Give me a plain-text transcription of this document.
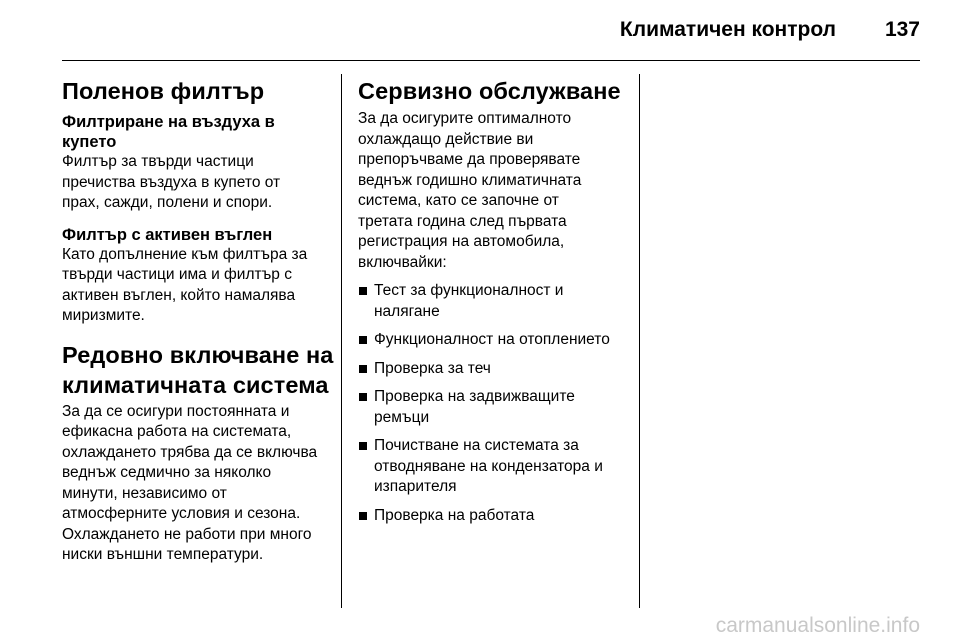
Климатичен контрол 137
Поленов филтър
Филтриране на въздуха в
купето

Филтър за твърди частици

пречиства въздуха в купето от

прах, сажди, полени и спори.

Филтър с активен въглен

Като допълнение към филтъра за

твърди частици има и филтър с

активен въглен, който намалява

миризмите.

Редовно включване на
климатичната система

За да се осигури постоянната и

ефикасна работа на системата,

охлаждането трябва да се включва

веднъж седмично за няколко

минути, независимо от

атмосферните условия и сезона.

Охлаждането не работи при много

ниски външни температури.

Сервизно обслужване

За да осигурите оптималното

охлаждащо действие ви

препоръчваме да проверявате

веднъж годишно климатичната

система, като се започне от

третата година след първата

регистрация на автомобила,

включвайки:

Тест за функционалност и
налягане
Функционалност на отоплението
Проверка за теч
Проверка на задвижващите
ремъци
Почистване на системата за
отводняване на кондензатора и
изпарителя
Проверка на работата
carmanualsonline.info
